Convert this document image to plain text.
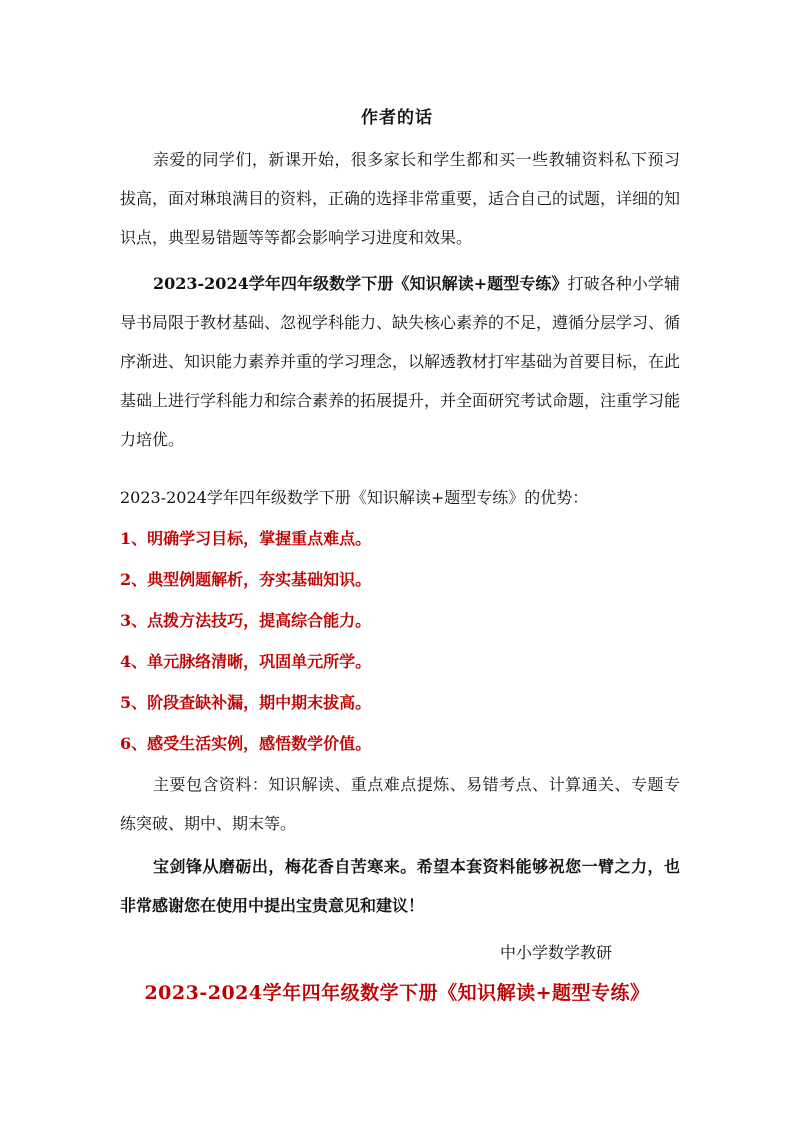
作者的话

亲爱的同学们，新课开始，很多家长和学生都和买一些教辅资料私下预习拔高，面对琳琅满目的资料，正确的选择非常重要，适合自己的试题，详细的知识点，典型易错题等等都会影响学习进度和效果。

2023-2024学年四年级数学下册《知识解读+题型专练》打破各种小学辅导书局限于教材基础、忽视学科能力、缺失核心素养的不足，遵循分层学习、循序渐进、知识能力素养并重的学习理念，以解透教材打牢基础为首要目标，在此基础上进行学科能力和综合素养的拓展提升，并全面研究考试命题，注重学习能力培优。

2023-2024学年四年级数学下册《知识解读+题型专练》的优势：

1、明确学习目标，掌握重点难点。
2、典型例题解析，夯实基础知识。
3、点拨方法技巧，提高综合能力。
4、单元脉络清晰，巩固单元所学。
5、阶段查缺补漏，期中期末拔高。
6、感受生活实例，感悟数学价值。

主要包含资料：知识解读、重点难点提炼、易错考点、计算通关、专题专练突破、期中、期末等。

宝剑锋从磨砺出，梅花香自苦寒来。希望本套资料能够祝您一臂之力，也非常感谢您在使用中提出宝贵意见和建议！

中小学数学教研
2023-2024学年四年级数学下册《知识解读+题型专练》
